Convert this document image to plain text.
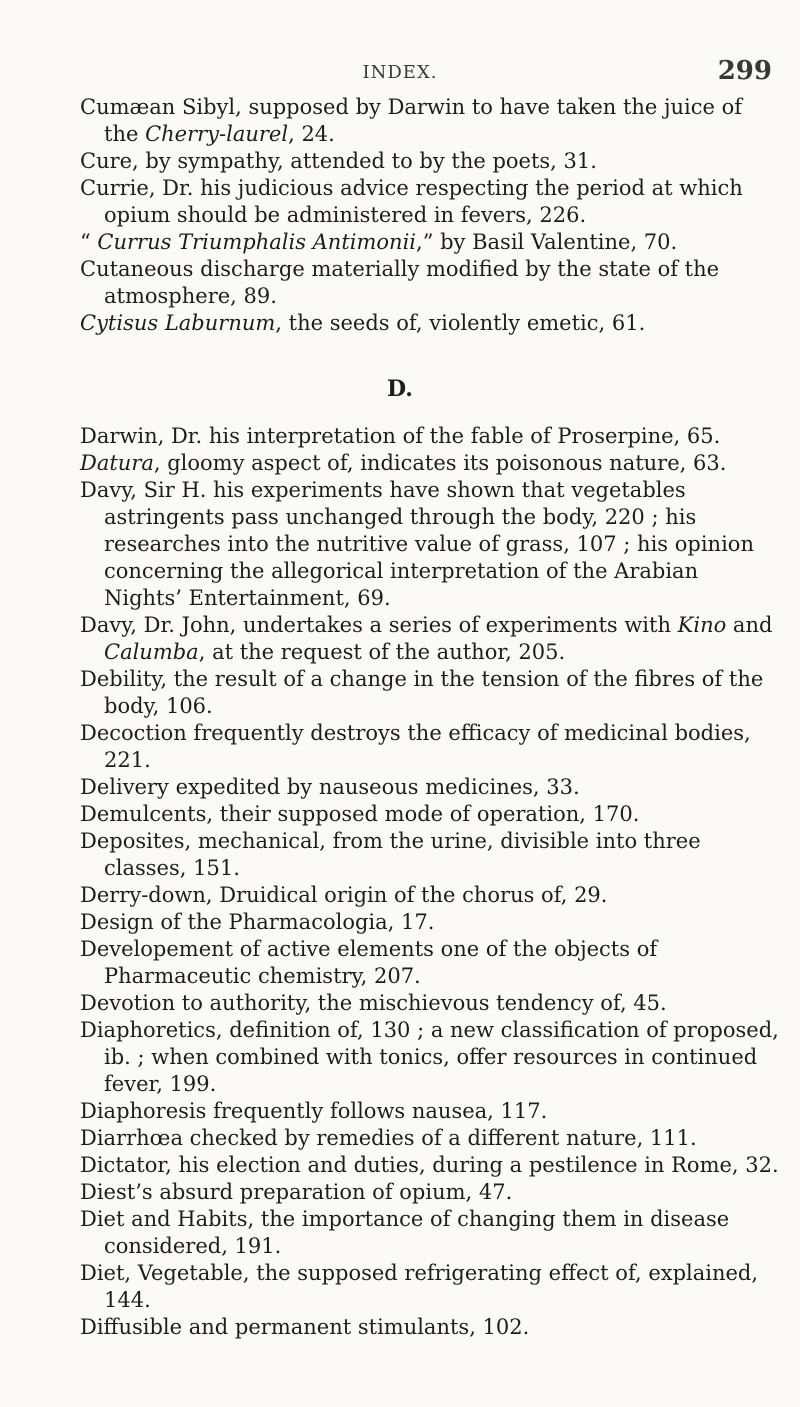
INDEX.	299
Cumæan Sibyl, supposed by Darwin to have taken the juice of the Cherry-laurel, 24.
Cure, by sympathy, attended to by the poets, 31.
Currie, Dr. his judicious advice respecting the period at which opium should be administered in fevers, 226.
“ Currus Triumphalis Antimonii,” by Basil Valentine, 70.
Cutaneous discharge materially modified by the state of the atmosphere, 89.
Cytisus Laburnum, the seeds of, violently emetic, 61.
D.
Darwin, Dr. his interpretation of the fable of Proserpine, 65.
Datura, gloomy aspect of, indicates its poisonous nature, 63.
Davy, Sir H. his experiments have shown that vegetables astringents pass unchanged through the body, 220 ; his researches into the nutritive value of grass, 107 ; his opinion concerning the allegorical interpretation of the Arabian Nights’ Entertainment, 69.
Davy, Dr. John, undertakes a series of experiments with Kino and Calumba, at the request of the author, 205.
Debility, the result of a change in the tension of the fibres of the body, 106.
Decoction frequently destroys the efficacy of medicinal bodies, 221.
Delivery expedited by nauseous medicines, 33.
Demulcents, their supposed mode of operation, 170.
Deposites, mechanical, from the urine, divisible into three classes, 151.
Derry-down, Druidical origin of the chorus of, 29.
Design of the Pharmacologia, 17.
Developement of active elements one of the objects of Pharmaceutic chemistry, 207.
Devotion to authority, the mischievous tendency of, 45.
Diaphoretics, definition of, 130 ; a new classification of proposed, ib. ; when combined with tonics, offer resources in continued fever, 199.
Diaphoresis frequently follows nausea, 117.
Diarrhœa checked by remedies of a different nature, 111.
Dictator, his election and duties, during a pestilence in Rome, 32.
Diest’s absurd preparation of opium, 47.
Diet and Habits, the importance of changing them in disease considered, 191.
Diet, Vegetable, the supposed refrigerating effect of, explained, 144.
Diffusible and permanent stimulants, 102.
